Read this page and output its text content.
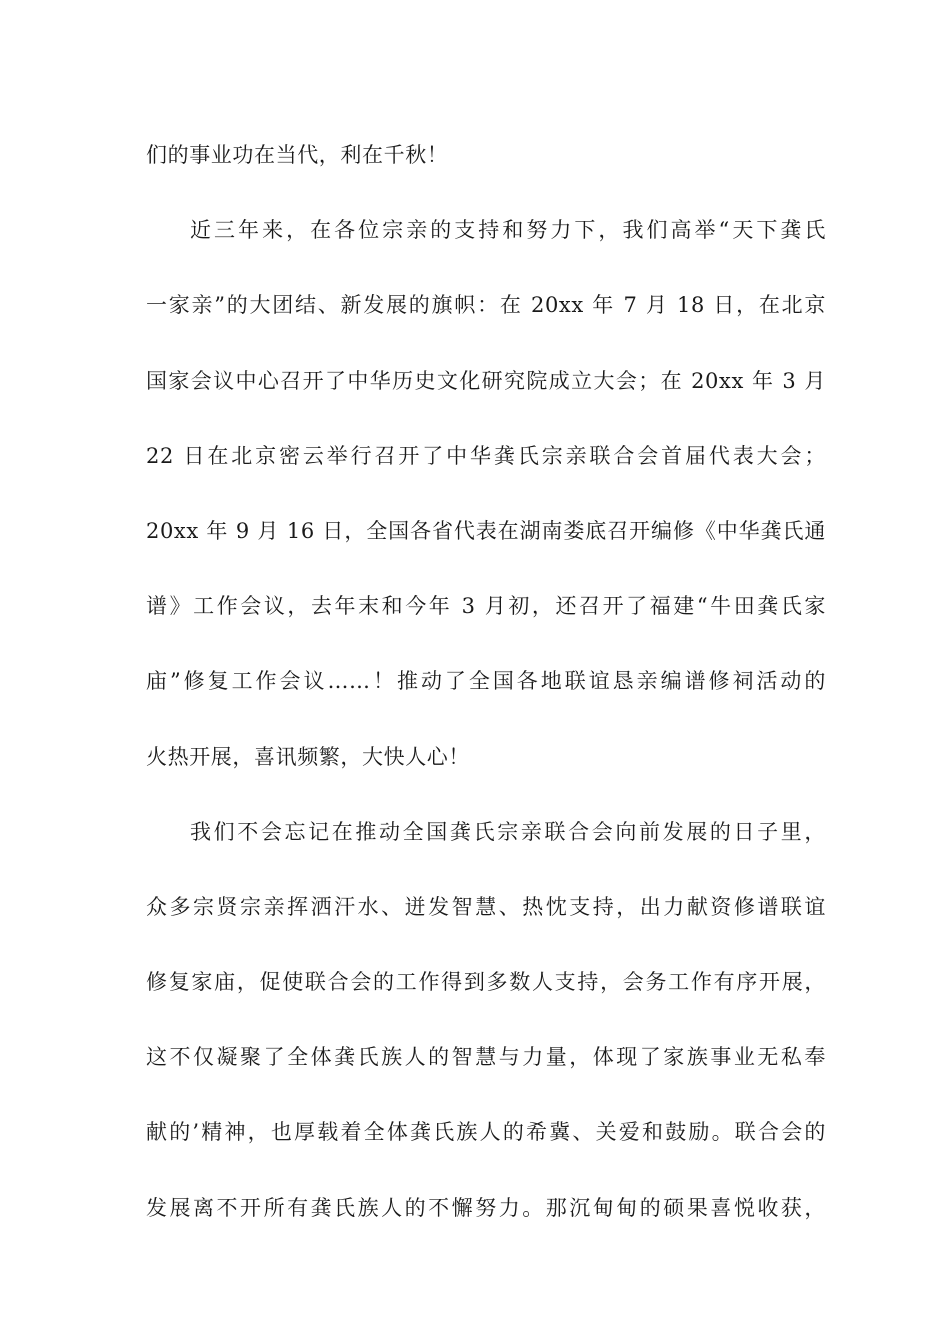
们的事业功在当代，利在千秋！
近三年来，在各位宗亲的支持和努力下，我们高举“天下龚氏
一家亲”的大团结、新发展的旗帜：在 20xx 年 7 月 18 日，在北京
国家会议中心召开了中华历史文化研究院成立大会；在 20xx 年 3 月
22 日在北京密云举行召开了中华龚氏宗亲联合会首届代表大会；
20xx 年 9 月 16 日，全国各省代表在湖南娄底召开编修《中华龚氏通
谱》工作会议，去年末和今年 3 月初，还召开了福建“牛田龚氏家
庙”修复工作会议……！推动了全国各地联谊恳亲编谱修祠活动的
火热开展，喜讯频繁，大快人心！
我们不会忘记在推动全国龚氏宗亲联合会向前发展的日子里，
众多宗贤宗亲挥洒汗水、迸发智慧、热忱支持，出力献资修谱联谊
修复家庙，促使联合会的工作得到多数人支持，会务工作有序开展，
这不仅凝聚了全体龚氏族人的智慧与力量，体现了家族事业无私奉
献的’精神，也厚载着全体龚氏族人的希冀、关爱和鼓励。联合会的
发展离不开所有龚氏族人的不懈努力。那沉甸甸的硕果喜悦收获，
